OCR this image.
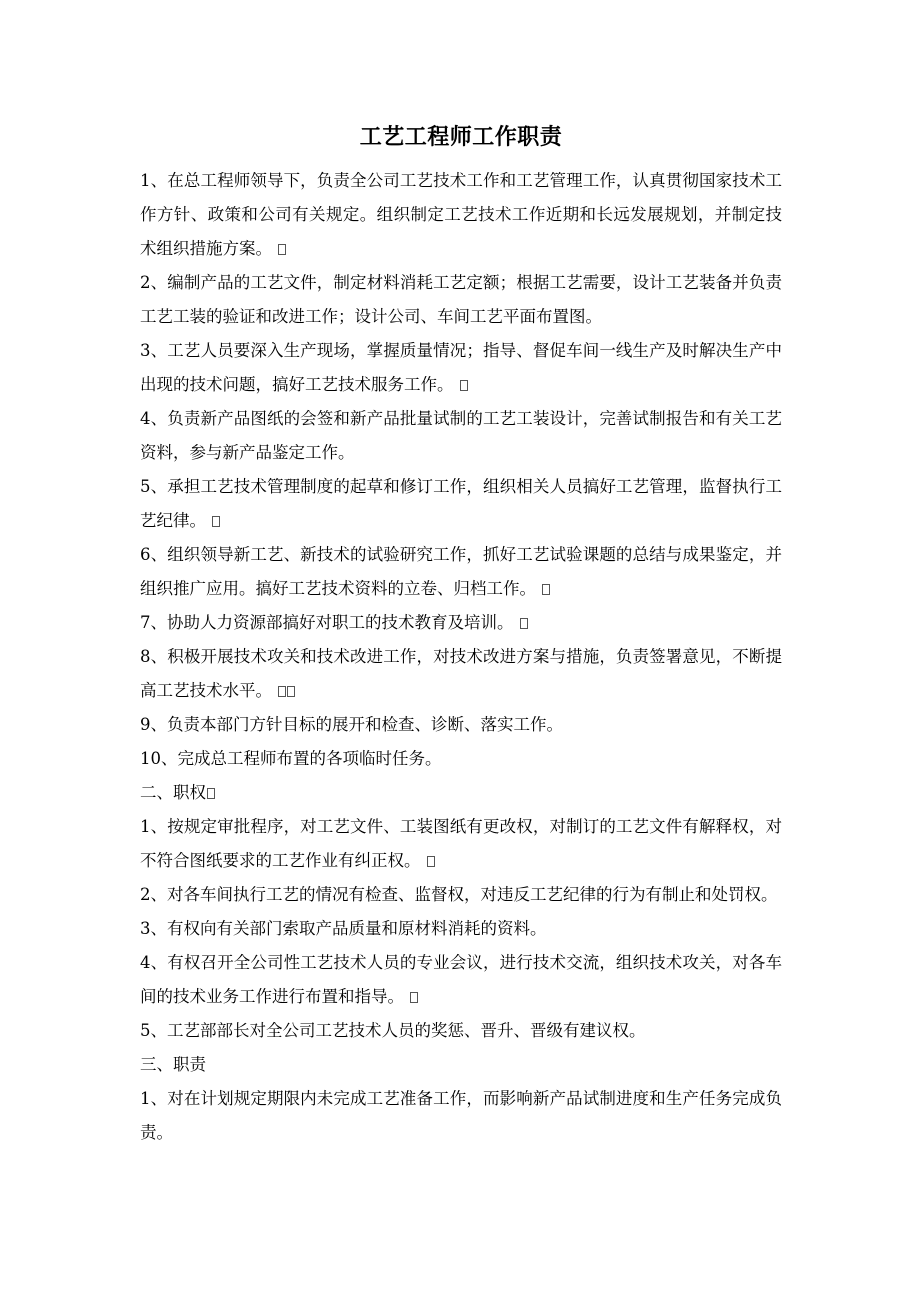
工艺工程师工作职责

1、在总工程师领导下，负责全公司工艺技术工作和工艺管理工作，认真贯彻国家技术工作方针、政策和公司有关规定。组织制定工艺技术工作近期和长远发展规划，并制定技术组织措施方案。

2、编制产品的工艺文件，制定材料消耗工艺定额；根据工艺需要，设计工艺装备并负责工艺工装的验证和改进工作；设计公司、车间工艺平面布置图。

3、工艺人员要深入生产现场，掌握质量情况；指导、督促车间一线生产及时解决生产中出现的技术问题，搞好工艺技术服务工作。

4、负责新产品图纸的会签和新产品批量试制的工艺工装设计，完善试制报告和有关工艺资料，参与新产品鉴定工作。

5、承担工艺技术管理制度的起草和修订工作，组织相关人员搞好工艺管理，监督执行工艺纪律。

6、组织领导新工艺、新技术的试验研究工作，抓好工艺试验课题的总结与成果鉴定，并组织推广应用。搞好工艺技术资料的立卷、归档工作。

7、协助人力资源部搞好对职工的技术教育及培训。

8、积极开展技术攻关和技术改进工作，对技术改进方案与措施，负责签署意见，不断提高工艺技术水平。

9、负责本部门方针目标的展开和检查、诊断、落实工作。

10、完成总工程师布置的各项临时任务。

二、职权

1、按规定审批程序，对工艺文件、工装图纸有更改权，对制订的工艺文件有解释权，对不符合图纸要求的工艺作业有纠正权。

2、对各车间执行工艺的情况有检查、监督权，对违反工艺纪律的行为有制止和处罚权。

3、有权向有关部门索取产品质量和原材料消耗的资料。

4、有权召开全公司性工艺技术人员的专业会议，进行技术交流，组织技术攻关，对各车间的技术业务工作进行布置和指导。

5、工艺部部长对全公司工艺技术人员的奖惩、晋升、晋级有建议权。

三、职责

1、对在计划规定期限内未完成工艺准备工作，而影响新产品试制进度和生产任务完成负责。
